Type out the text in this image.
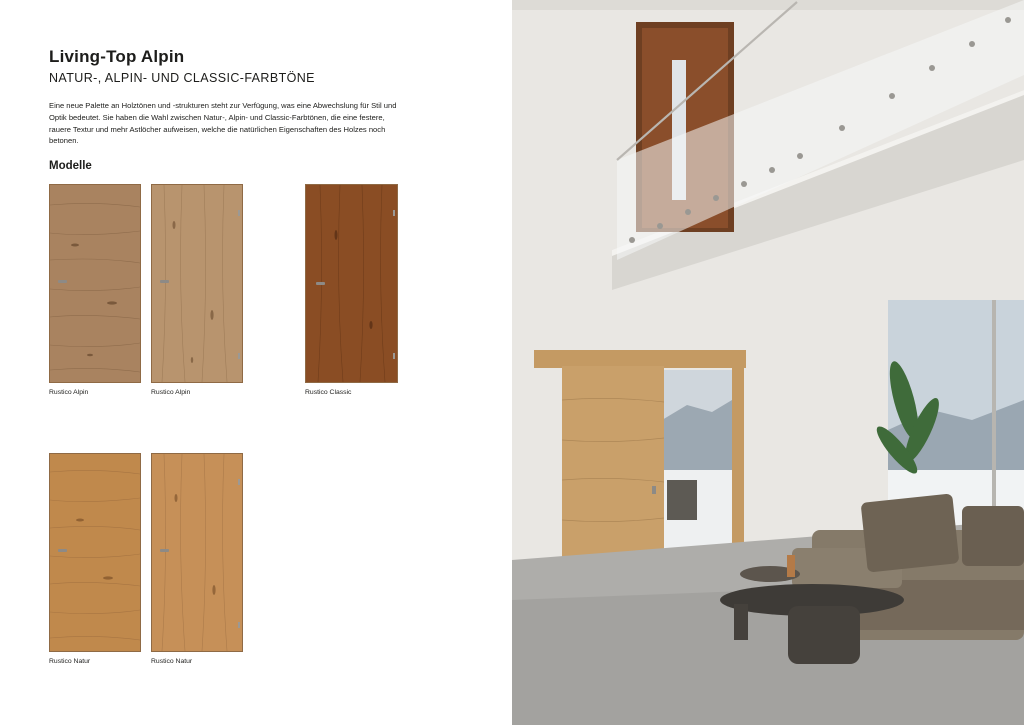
Living-Top Alpin
NATUR-, ALPIN- UND CLASSIC-FARBTÖNE
Eine neue Palette an Holztönen und -strukturen steht zur Verfügung, was eine Abwechslung für Stil und Optik bedeutet. Sie haben die Wahl zwischen Natur-, Alpin- und Classic-Farbtönen, die eine festere, rauere Textur und mehr Astlöcher aufweisen, welche die natürlichen Eigenschaften des Holzes noch betonen.
Modelle
Rustico Alpin	Rustico Alpin	Rustico Classic
Rustico Natur	Rustico Natur
